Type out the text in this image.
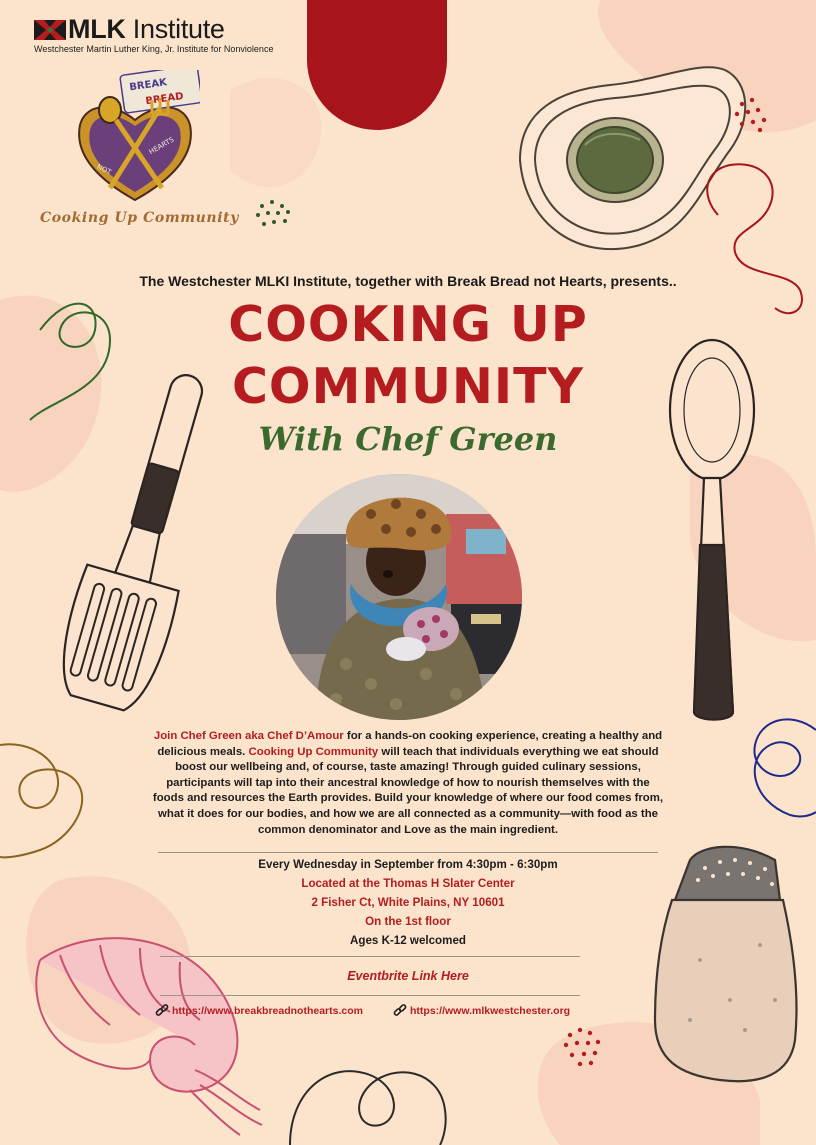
MLK Institute
Westchester Martin Luther King, Jr. Institute for Nonviolence
BREAK
BREAD
NOT
HEARTS
Cooking Up Community
The Westchester MLKI Institute, together with Break Bread not Hearts, presents..
COOKING UP
COMMUNITY
With Chef Green
Join Chef Green aka Chef D’Amour for a hands-on cooking experience, creating a healthy and delicious meals. Cooking Up Community will teach that individuals everything we eat should boost our wellbeing and, of course, taste amazing! Through guided culinary sessions, participants will tap into their ancestral knowledge of how to nourish themselves with the foods and resources the Earth provides. Build your knowledge of where our food comes from, what it does for our bodies, and how we are all connected as a community—with food as the common denominator and Love as the main ingredient.
Every Wednesday in September from 4:30pm - 6:30pm
Located at the Thomas H Slater Center
2 Fisher Ct, White Plains, NY 10601
On the 1st floor
Ages K-12 welcomed
Eventbrite Link Here
https://www.breakbreadnothearts.com	https://www.mlkwestchester.org
